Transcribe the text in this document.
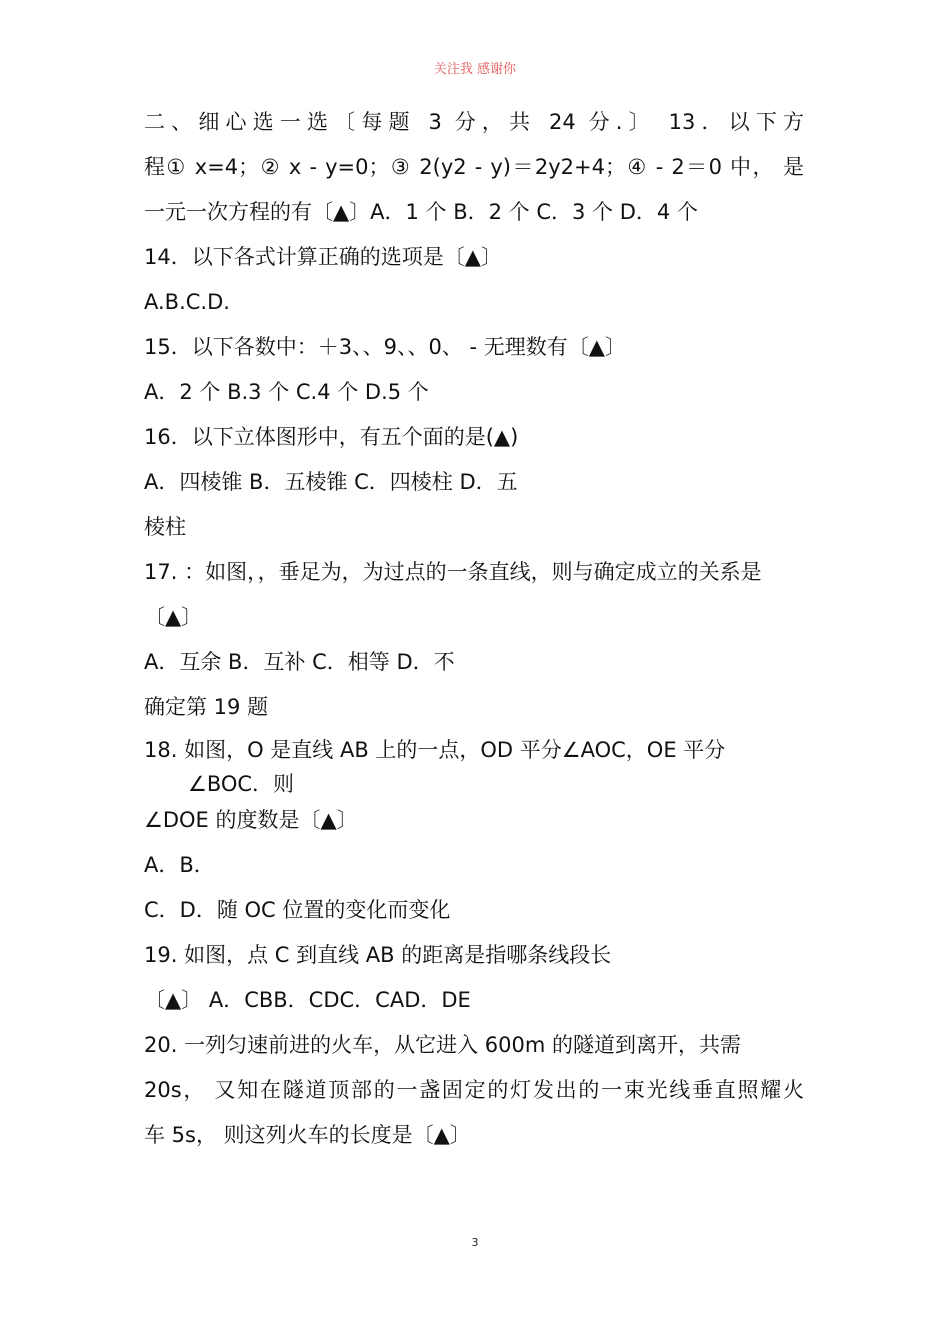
关注我 感谢你
二、细心选一选〔每题 3 分，共 24 分.〕 13．以下方
程① x=4；② x - y=0；③ 2(y2 - y)＝2y2+4；④ - 2＝0 中， 是
一元一次方程的有〔▲〕A．1 个 B．2 个 C．3 个 D．4 个
14．以下各式计算正确的选项是〔▲〕
A.B.C.D.
15．以下各数中：＋3、、9、、0、 - 无理数有〔▲〕
A．2 个 B.3 个 C.4 个 D.5 个
16．以下立体图形中，有五个面的是(▲)
A．四棱锥 B．五棱锥 C．四棱柱 D．五
棱柱
17. ：如图，，垂足为，为过点的一条直线，则与确定成立的关系是
〔▲〕
A．互余 B．互补 C．相等 D．不
确定第 19 题
18. 如图，O 是直线 AB 上的一点，OD 平分∠AOC，OE 平分
∠BOC．则
∠DOE 的度数是〔▲〕
A．B．
C．D．随 OC 位置的变化而变化
19. 如图，点 C 到直线 AB 的距离是指哪条线段长
〔▲〕 A．CBB．CDC．CAD．DE
20. 一列匀速前进的火车，从它进入 600m 的隧道到离开，共需
20s， 又知在隧道顶部的一盏固定的灯发出的一束光线垂直照耀火
车 5s， 则这列火车的长度是〔▲〕
3
